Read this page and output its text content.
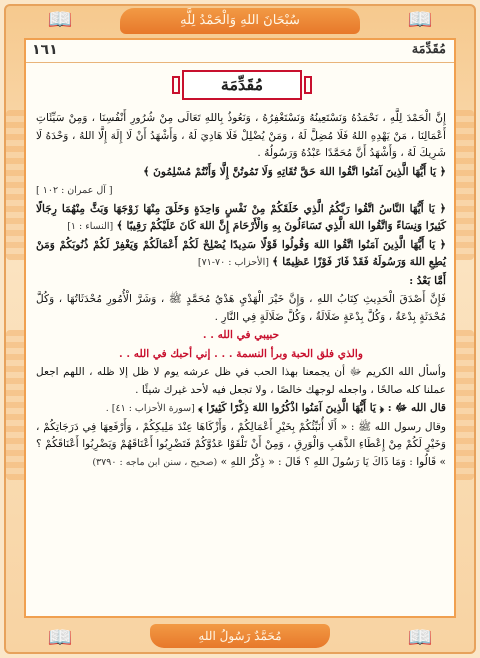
سُبْحَانَ اللهِ وَالْحَمْدُ لِلَّهِ
📖	📖
📖	📖
مُحَمَّدٌ رَسُولُ اللهِ
١٦١	مُقَدِّمَة
مُقَدِّمَة

إِنَّ الْحَمْدَ لِلَّهِ ، نَحْمَدُهُ وَنَسْتَعِينُهُ وَنَسْتَغْفِرُهُ ، وَنَعُوذُ بِاللهِ تَعَالَى مِنْ شُرُورِ أَنْفُسِنَا ، وَمِنْ سَيِّئَاتِ أَعْمَالِنَا ، مَنْ يَهْدِهِ اللهُ فَلَا مُضِلَّ لَهُ ، وَمَنْ يُضْلِلْ فَلَا هَادِيَ لَهُ ، وَأَشْهَدُ أَنْ لَا إِلَهَ إِلَّا اللهُ ، وَحْدَهُ لَا شَرِيكَ لَهُ ، وَأَشْهَدُ أَنَّ مُحَمَّدًا عَبْدُهُ وَرَسُولُهُ .

﴿ يَا أَيُّهَا الَّذِينَ آمَنُوا اتَّقُوا اللهَ حَقَّ تُقَاتِهِ وَلَا تَمُوتُنَّ إِلَّا وَأَنْتُمْ مُسْلِمُونَ ﴾

[ آل عمران : ١٠٢ ]

﴿ يَا أَيُّهَا النَّاسُ اتَّقُوا رَبَّكُمُ الَّذِي خَلَقَكُمْ مِنْ نَفْسٍ وَاحِدَةٍ وَخَلَقَ مِنْهَا زَوْجَهَا وَبَثَّ مِنْهُمَا رِجَالًا كَثِيرًا وَنِسَاءً وَاتَّقُوا اللهَ الَّذِي تَسَاءَلُونَ بِهِ وَالْأَرْحَامَ إِنَّ اللهَ كَانَ عَلَيْكُمْ رَقِيبًا ﴾ [النساء : ١]

﴿ يَا أَيُّهَا الَّذِينَ آمَنُوا اتَّقُوا اللهَ وَقُولُوا قَوْلًا سَدِيدًا يُصْلِحْ لَكُمْ أَعْمَالَكُمْ وَيَغْفِرْ لَكُمْ ذُنُوبَكُمْ وَمَنْ يُطِعِ اللهَ وَرَسُولَهُ فَقَدْ فَازَ فَوْزًا عَظِيمًا ﴾ [الأحزاب : ٧٠-٧١]

أَمَّا بَعْدُ :

فَإِنَّ أَصْدَقَ الْحَدِيثِ كِتَابُ اللهِ ، وَإِنَّ خَيْرَ الْهَدْيِ هَدْيُ مُحَمَّدٍ ﷺ ، وَشَرَّ الْأُمُورِ مُحْدَثَاتُهَا ، وَكُلَّ مُحْدَثَةٍ بِدْعَةٌ ، وَكُلَّ بِدْعَةٍ ضَلَالَةٌ ، وَكُلَّ ضَلَالَةٍ فِي النَّارِ .

حبيبي في الله . .

والذي فلق الحبة وبرأ النسمة . . . إني أحبك في الله . .

وأسأل الله الكريم ﷻ أن يجمعنا بهذا الحب في ظل عرشه يوم لا ظل إلا ظله ، اللهم اجعل عملنا كله صالحًا ، واجعله لوجهك خالصًا ، ولا تجعل فيه لأحد غيرك شيئًا .

قال الله ﷻ : ﴿ يَا أَيُّهَا الَّذِينَ آمَنُوا اذْكُرُوا اللهَ ذِكْرًا كَثِيرًا ﴾ [سورة الأحزاب : ٤١] .

وقال رسول الله ﷺ : « أَلَا أُنَبِّئُكُمْ بِخَيْرِ أَعْمَالِكُمْ ، وَأَزْكَاهَا عِنْدَ مَلِيكِكُمْ ، وَأَرْفَعِهَا فِي دَرَجَاتِكُمْ ، وَخَيْرٍ لَكُمْ مِنْ إِعْطَاءِ الذَّهَبِ وَالْوَرِقِ ، وَمِنْ أَنْ تَلْقَوْا عَدُوَّكُمْ فَتَضْرِبُوا أَعْنَاقَهُمْ وَيَضْرِبُوا أَعْنَاقَكُمْ ؟ » قَالُوا : وَمَا ذَاكَ يَا رَسُولَ اللهِ ؟ قَالَ : « ذِكْرُ اللهِ » (صحيح ، سنن ابن ماجه : ٣٧٩٠)
